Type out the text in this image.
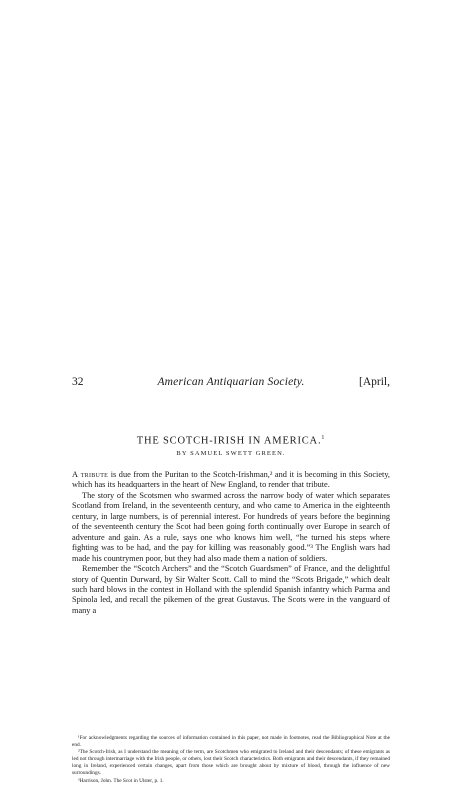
32	American Antiquarian Society.	[April,
THE SCOTCH-IRISH IN AMERICA.$^1$
BY SAMUEL SWETT GREEN.

A tribute is due from the Puritan to the Scotch-Irishman,² and it is becoming in this Society, which has its headquarters in the heart of New England, to render that tribute.

The story of the Scotsmen who swarmed across the narrow body of water which separates Scotland from Ireland, in the seventeenth century, and who came to America in the eighteenth century, in large numbers, is of perennial interest. For hundreds of years before the beginning of the seventeenth century the Scot had been going forth continually over Europe in search of adventure and gain. As a rule, says one who knows him well, “he turned his steps where fighting was to be had, and the pay for killing was reasonably good.”³ The English wars had made his countrymen poor, but they had also made them a nation of soldiers.

Remember the “Scotch Archers” and the “Scotch Guardsmen” of France, and the delightful story of Quentin Durward, by Sir Walter Scott. Call to mind the “Scots Brigade,” which dealt such hard blows in the contest in Holland with the splendid Spanish infantry which Parma and Spinola led, and recall the pikemen of the great Gustavus. The Scots were in the vanguard of many a

¹For acknowledgments regarding the sources of information contained in this paper, not made in footnotes, read the Bibliographical Note at the end.

²The Scotch-Irish, as I understand the meaning of the term, are Scotchmen who emigrated to Ireland and their descendants; of these emigrants as led not through intermarriage with the Irish people, or others, lost their Scotch characteristics. Both emigrants and their descendants, if they remained long in Ireland, experienced certain changes, apart from those which are brought about by mixture of blood, through the influence of new surroundings.

³Harrison, John. The Scot in Ulster, p. 1.
